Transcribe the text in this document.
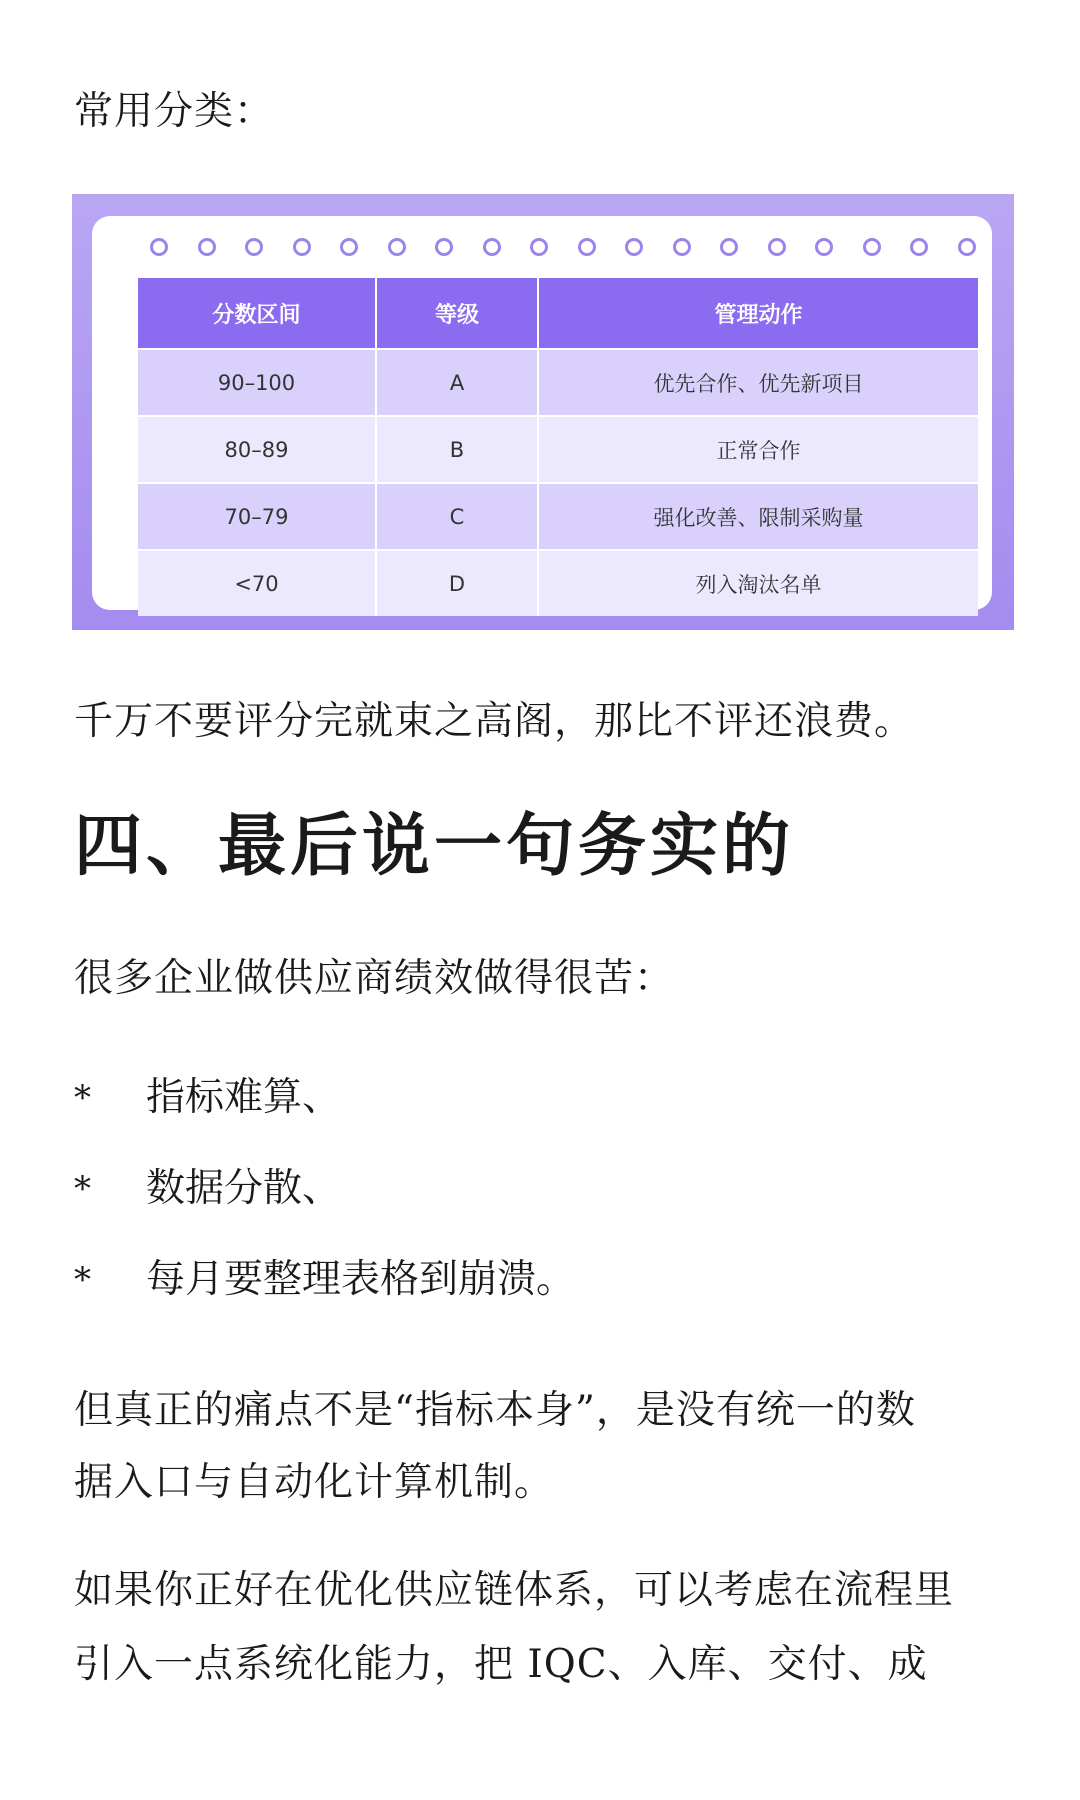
常用分类：

分数区间	等级	管理动作
90–100	A	优先合作、优先新项目
80–89	B	正常合作
70–79	C	强化改善、限制采购量
<70	D	列入淘汰名单

千万不要评分完就束之高阁，那比不评还浪费。

四、最后说一句务实的

很多企业做供应商绩效做得很苦：

*	指标难算、
*	数据分散、
*	每月要整理表格到崩溃。

但真正的痛点不是“指标本身”，是没有统一的数
据入口与自动化计算机制。

如果你正好在优化供应链体系，可以考虑在流程里
引入一点系统化能力，把 IQC、入库、交付、成
